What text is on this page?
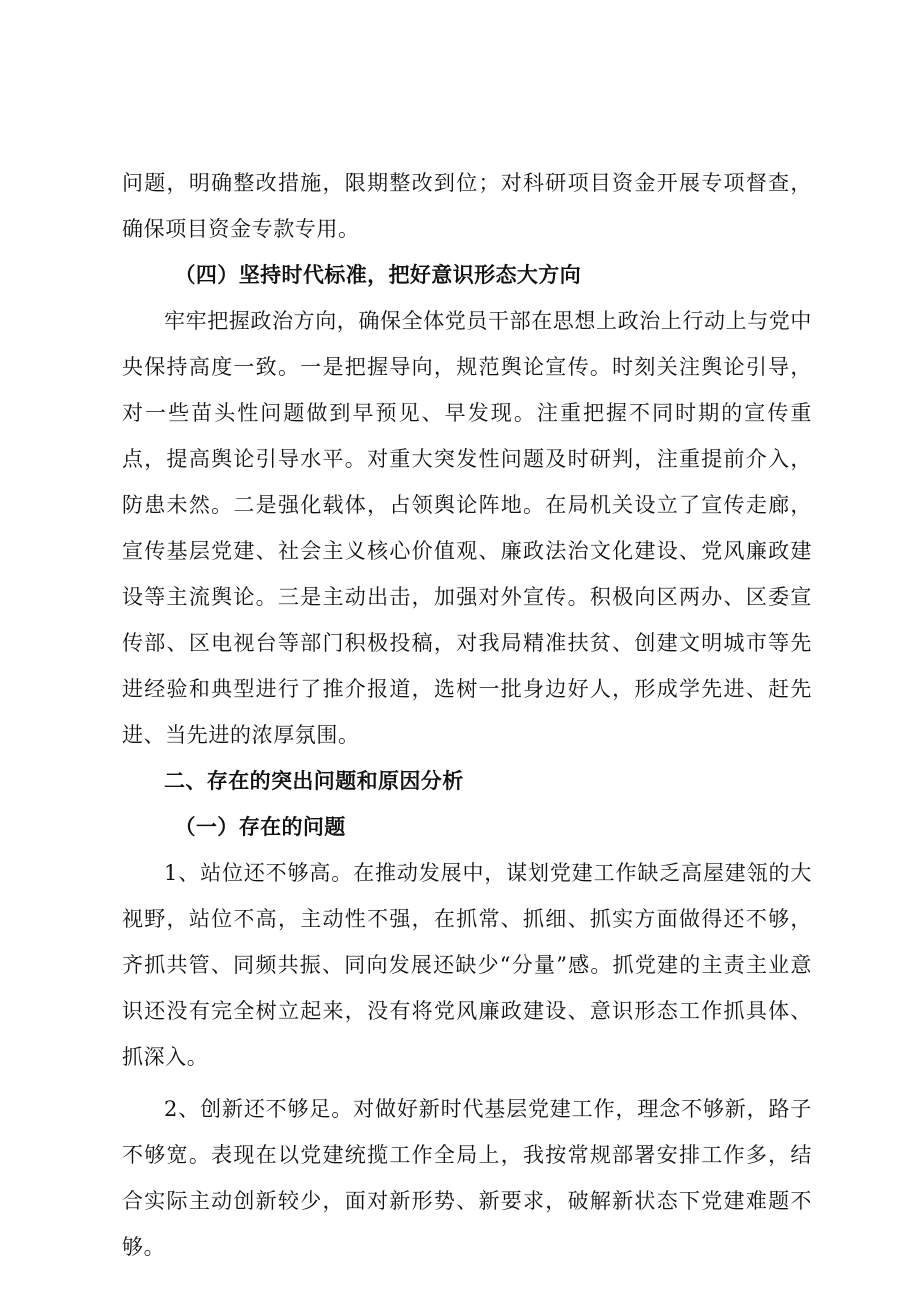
问题，明确整改措施，限期整改到位；对科研项目资金开展专项督查，确保项目资金专款专用。

（四）坚持时代标准，把好意识形态大方向

牢牢把握政治方向，确保全体党员干部在思想上政治上行动上与党中央保持高度一致。一是把握导向，规范舆论宣传。时刻关注舆论引导，对一些苗头性问题做到早预见、早发现。注重把握不同时期的宣传重点，提高舆论引导水平。对重大突发性问题及时研判，注重提前介入，防患未然。二是强化载体，占领舆论阵地。在局机关设立了宣传走廊，宣传基层党建、社会主义核心价值观、廉政法治文化建设、党风廉政建设等主流舆论。三是主动出击，加强对外宣传。积极向区两办、区委宣传部、区电视台等部门积极投稿，对我局精准扶贫、创建文明城市等先进经验和典型进行了推介报道，选树一批身边好人，形成学先进、赶先进、当先进的浓厚氛围。

二、存在的突出问题和原因分析

（一）存在的问题

1、站位还不够高。在推动发展中，谋划党建工作缺乏高屋建瓴的大视野，站位不高，主动性不强，在抓常、抓细、抓实方面做得还不够，齐抓共管、同频共振、同向发展还缺少“分量”感。抓党建的主责主业意识还没有完全树立起来，没有将党风廉政建设、意识形态工作抓具体、抓深入。

2、创新还不够足。对做好新时代基层党建工作，理念不够新，路子不够宽。表现在以党建统揽工作全局上，我按常规部署安排工作多，结合实际主动创新较少，面对新形势、新要求，破解新状态下党建难题不够。
